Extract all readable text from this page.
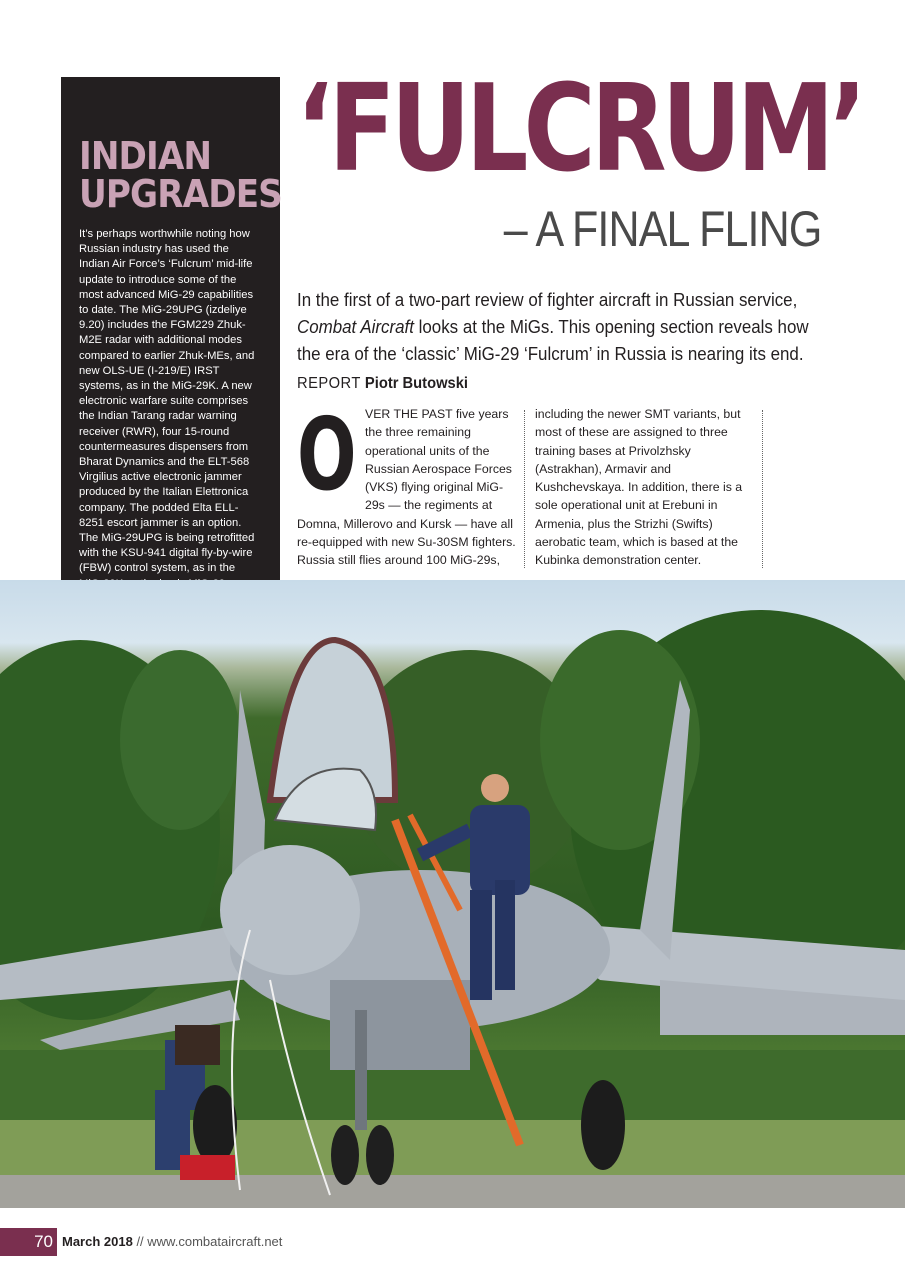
‘FULCRUM’
– A FINAL FLING
In the first of a two-part review of fighter aircraft in Russian service, Combat Aircraft looks at the MiGs. This opening section reveals how the era of the ‘classic’ MiG-29 ‘Fulcrum’ in Russia is nearing its end.
REPORT Piotr Butowski
O VER THE PAST five years the three remaining operational units of the Russian Aerospace Forces (VKS) flying original MiG-29s — the regiments at Domna, Millerovo and Kursk — have all re-equipped with new Su-30SM fighters. Russia still flies around 100 MiG-29s,
including the newer SMT variants, but most of these are assigned to three training bases at Privolzhsky (Astrakhan), Armavir and Kushchevskaya. In addition, there is a sole operational unit at Erebuni in Armenia, plus the Strizhi (Swifts) aerobatic team, which is based at the Kubinka demonstration center.
INDIAN
UPGRADES
It’s perhaps worthwhile noting how Russian industry has used the Indian Air Force’s ‘Fulcrum’ mid-life update to introduce some of the most advanced MiG-29 capabilities to date. The MiG-29UPG (izdeliye 9.20) includes the FGM229 Zhuk-M2E radar with additional modes compared to earlier Zhuk-MEs, and new OLS-UE (I-219/E) IRST systems, as in the MiG-29K. A new electronic warfare suite comprises the Indian Tarang radar warning receiver (RWR), four 15-round countermeasures dispensers from Bharat Dynamics and the ELT-568 Virgilius active electronic jammer produced by the Italian Elettronica company. The podded Elta ELL-8251 escort jammer is an option. The MiG-29UPG is being retrofitted with the KSU-941 digital fly-by-wire (FBW) control system, as in the
70 March 2018 // www.combataircraft.net
